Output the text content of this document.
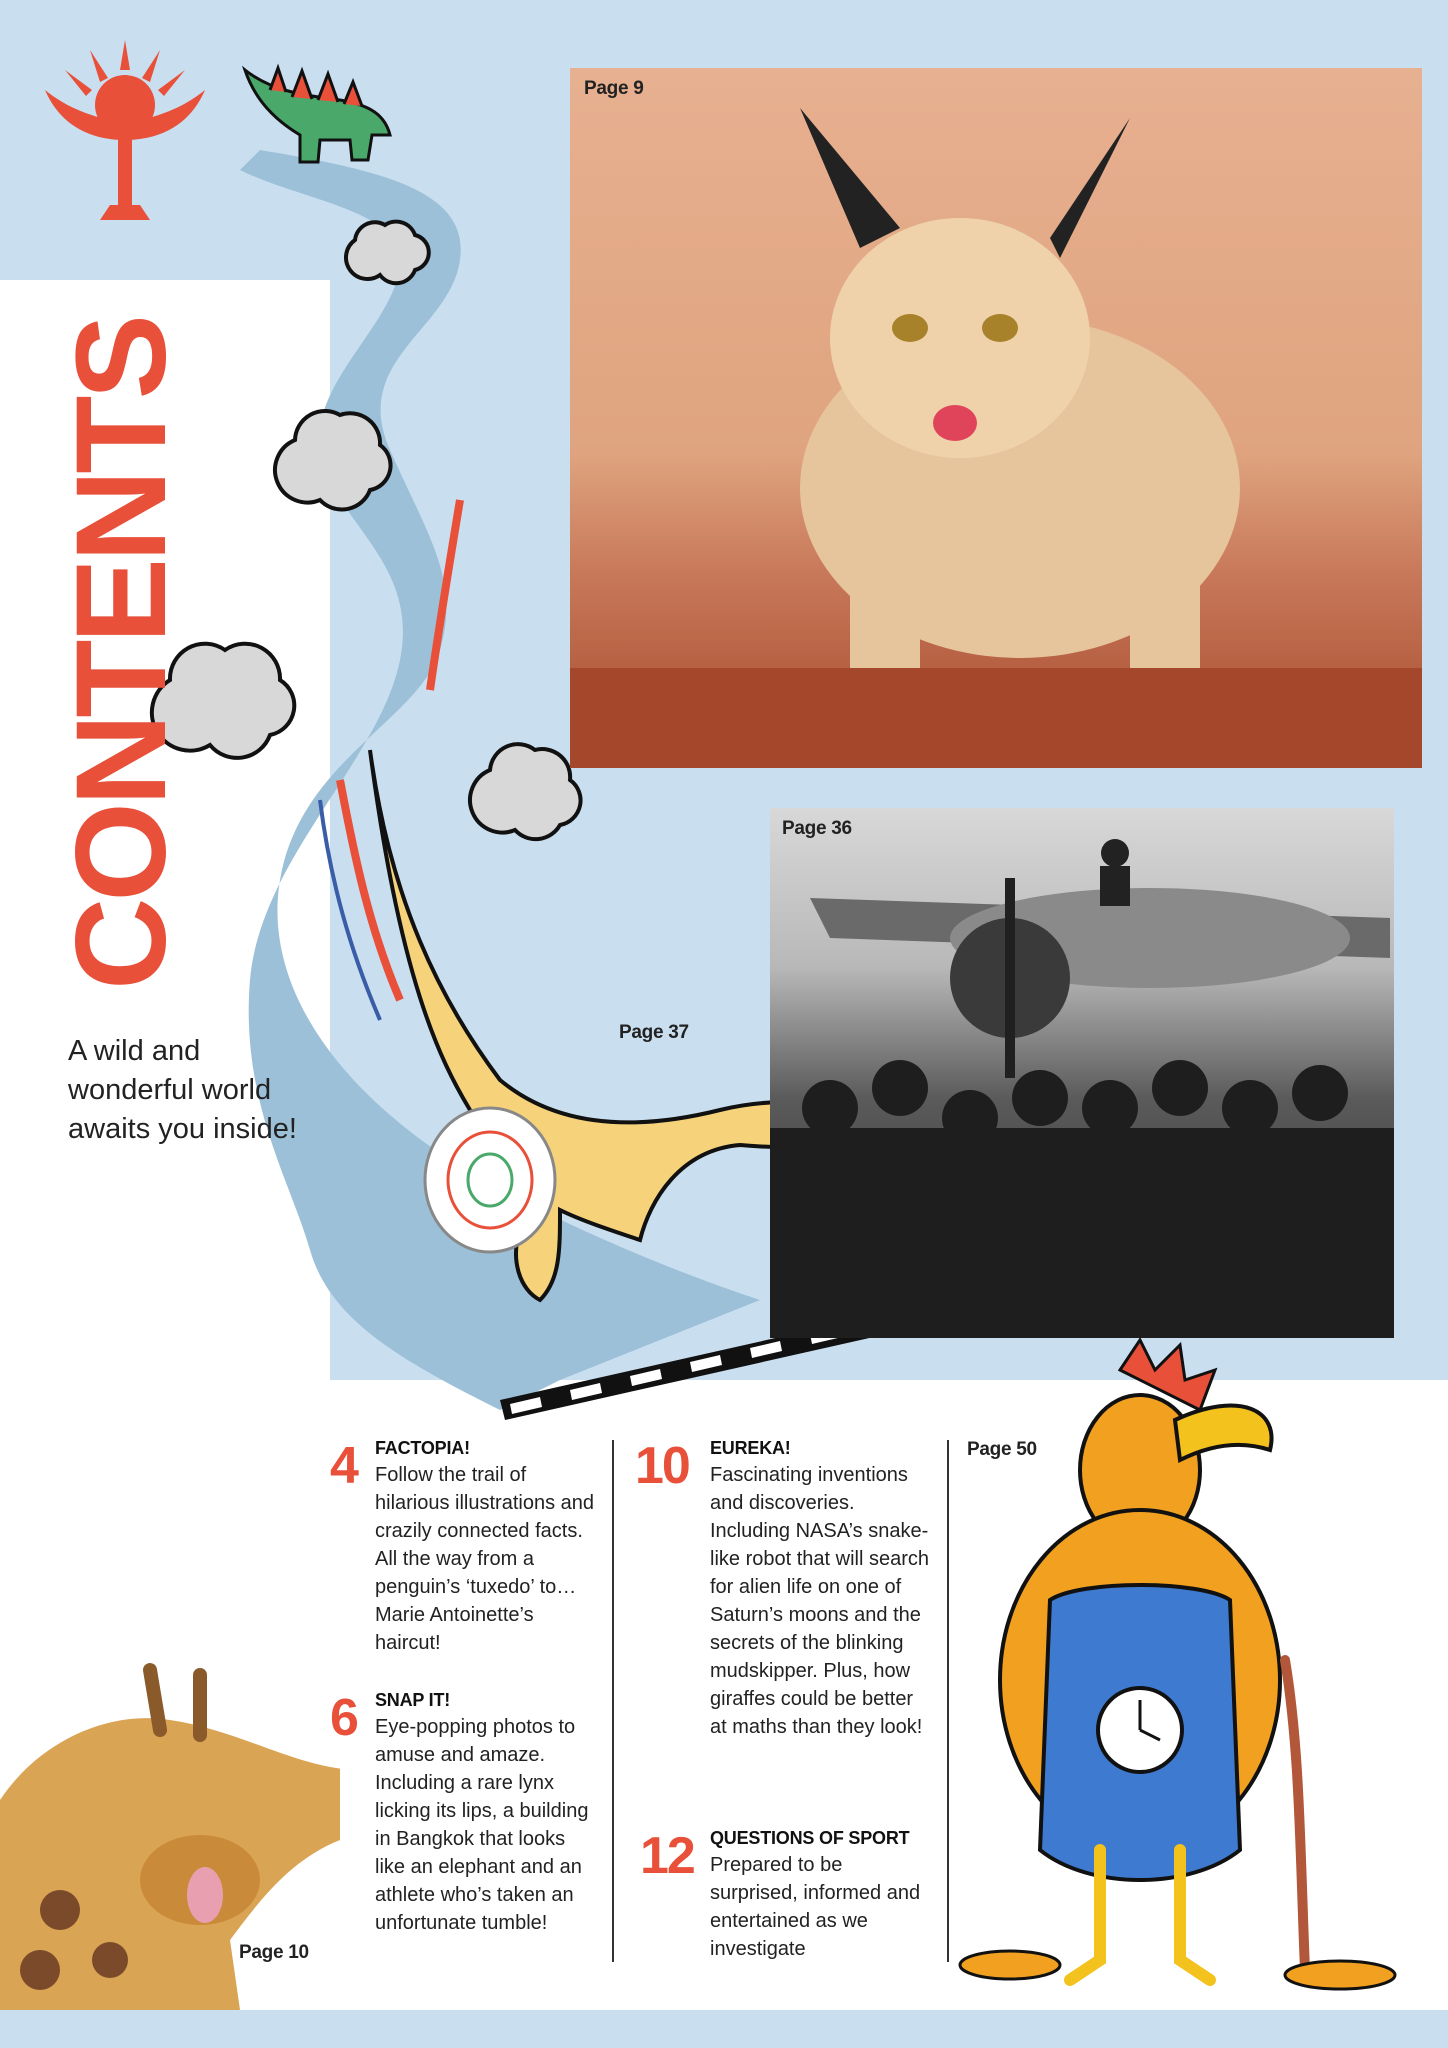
Page 9
Page 36
Page 37
CONTENTS
A wild and wonderful world awaits you inside!
Page 10
Page 50
4 FACTOPIA!
Follow the trail of hilarious illustrations and crazily connected facts. All the way from a penguin’s ‘tuxedo’ to… Marie Antoinette’s haircut!
6 SNAP IT!
Eye-popping photos to amuse and amaze. Including a rare lynx licking its lips, a building in Bangkok that looks like an elephant and an athlete who’s taken an unfortunate tumble!
10 EUREKA!
Fascinating inventions and discoveries. Including NASA’s snake-like robot that will search for alien life on one of Saturn’s moons and the secrets of the blinking mudskipper. Plus, how giraffes could be better at maths than they look!
12 QUESTIONS OF SPORT
Prepared to be surprised, informed and entertained as we investigate
